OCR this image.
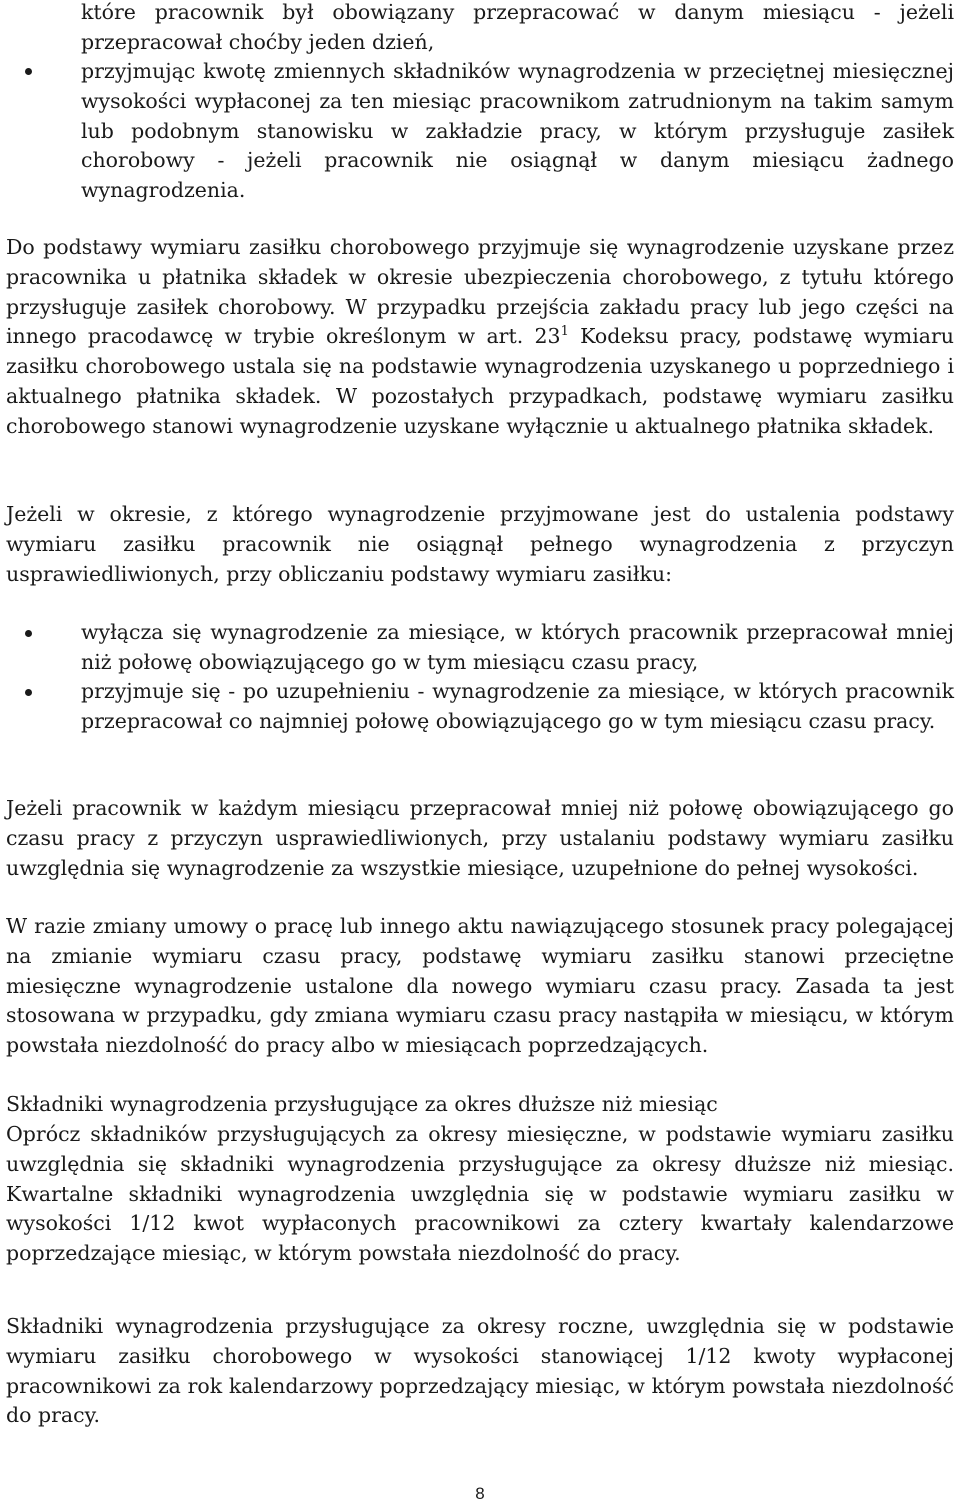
które pracownik był obowiązany przepracować w danym miesiącu - jeżeli przepracował choćby jeden dzień,

przyjmując kwotę zmiennych składników wynagrodzenia w przeciętnej miesięcznej wysokości wypłaconej za ten miesiąc pracownikom zatrudnionym na takim samym lub podobnym stanowisku w zakładzie pracy, w którym przysługuje zasiłek chorobowy - jeżeli pracownik nie osiągnął w danym miesiącu żadnego wynagrodzenia.

Do podstawy wymiaru zasiłku chorobowego przyjmuje się wynagrodzenie uzyskane przez pracownika u płatnika składek w okresie ubezpieczenia chorobowego, z tytułu którego przysługuje zasiłek chorobowy. W przypadku przejścia zakładu pracy lub jego części na innego pracodawcę w trybie określonym w art. $23^1$ Kodeksu pracy, podstawę wymiaru zasiłku chorobowego ustala się na podstawie wynagrodzenia uzyskanego u poprzedniego i aktualnego płatnika składek. W pozostałych przypadkach, podstawę wymiaru zasiłku chorobowego stanowi wynagrodzenie uzyskane wyłącznie u aktualnego płatnika składek.

Jeżeli w okresie, z którego wynagrodzenie przyjmowane jest do ustalenia podstawy wymiaru zasiłku pracownik nie osiągnął pełnego wynagrodzenia z przyczyn usprawiedliwionych, przy obliczaniu podstawy wymiaru zasiłku:

wyłącza się wynagrodzenie za miesiące, w których pracownik przepracował mniej niż połowę obowiązującego go w tym miesiącu czasu pracy,

przyjmuje się - po uzupełnieniu - wynagrodzenie za miesiące, w których pracownik przepracował co najmniej połowę obowiązującego go w tym miesiącu czasu pracy.

Jeżeli pracownik w każdym miesiącu przepracował mniej niż połowę obowiązującego go czasu pracy z przyczyn usprawiedliwionych, przy ustalaniu podstawy wymiaru zasiłku uwzględnia się wynagrodzenie za wszystkie miesiące, uzupełnione do pełnej wysokości.

W razie zmiany umowy o pracę lub innego aktu nawiązującego stosunek pracy polegającej na zmianie wymiaru czasu pracy, podstawę wymiaru zasiłku stanowi przeciętne miesięczne wynagrodzenie ustalone dla nowego wymiaru czasu pracy. Zasada ta jest stosowana w przypadku, gdy zmiana wymiaru czasu pracy nastąpiła w miesiącu, w którym powstała niezdolność do pracy albo w miesiącach poprzedzających.

Składniki wynagrodzenia przysługujące za okres dłuższe niż miesiąc

Oprócz składników przysługujących za okresy miesięczne, w podstawie wymiaru zasiłku uwzględnia się składniki wynagrodzenia przysługujące za okresy dłuższe niż miesiąc. Kwartalne składniki wynagrodzenia uwzględnia się w podstawie wymiaru zasiłku w wysokości 1/12 kwot wypłaconych pracownikowi za cztery kwartały kalendarzowe poprzedzające miesiąc, w którym powstała niezdolność do pracy.

Składniki wynagrodzenia przysługujące za okresy roczne, uwzględnia się w podstawie wymiaru zasiłku chorobowego w wysokości stanowiącej 1/12 kwoty wypłaconej pracownikowi za rok kalendarzowy poprzedzający miesiąc, w którym powstała niezdolność do pracy.

8
